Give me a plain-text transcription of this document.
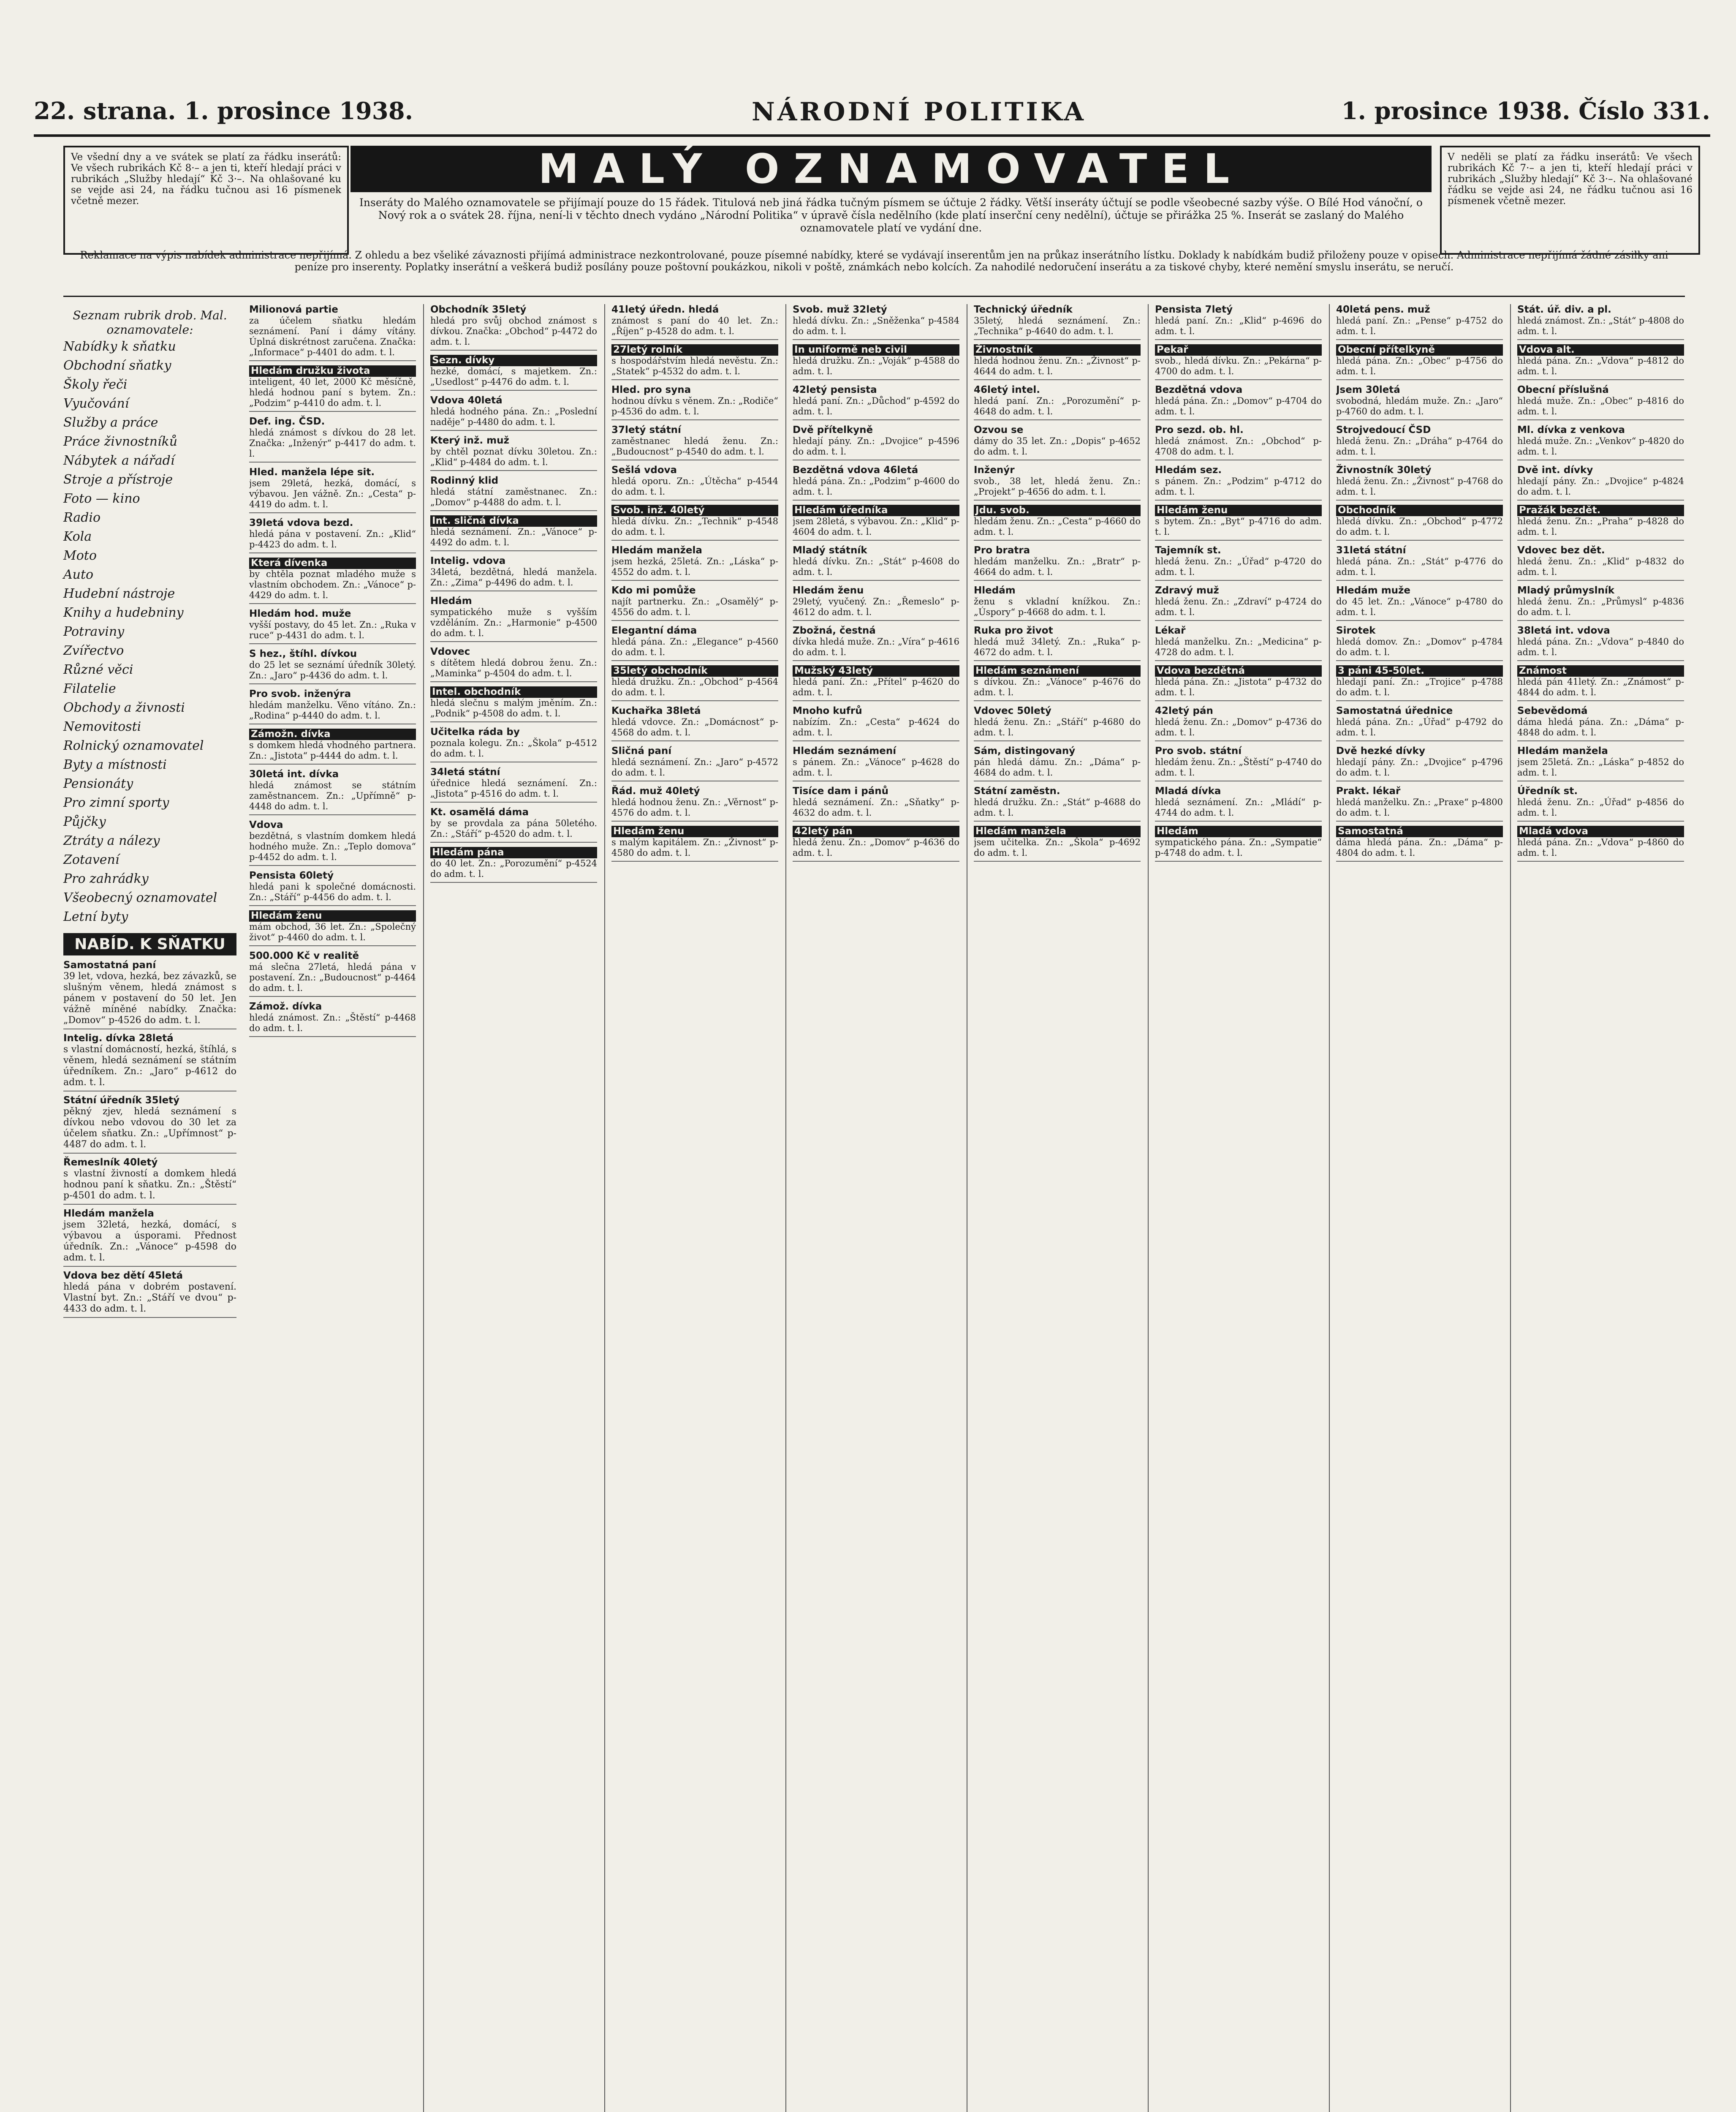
22. strana. 1. prosince 1938.	NÁRODNÍ POLITIKA	1. prosince 1938. Číslo 331.
Ve všední dny a ve svátek se platí za řádku inserátů: Ve všech rubrikách Kč 8·– a jen ti, kteří hledají práci v rubrikách „Služby hledají“ Kč 3·–. Na ohlašované ku se vejde asi 24, na řádku tučnou asi 16 písmenek včetně mezer.
MALÝ OZNAMOVATEL
Inseráty do Malého oznamovatele se přijímají pouze do 15 řádek. Titulová neb jiná řádka tučným písmem se účtuje 2 řádky. Větší inseráty účtují se podle všeobecné sazby výše. O Bílé Hod vánoční, o Nový rok a o svátek 28. října, není-li v těchto dnech vydáno „Národní Politika“ v úpravě čísla nedělního (kde platí inserční ceny nedělní), účtuje se přirážka 25 %. Inserát se zaslaný do Malého oznamovatele platí ve vydání dne.
V neděli se platí za řádku inserátů: Ve všech rubrikách Kč 7·– a jen ti, kteří hledají práci v rubrikách „Služby hledají“ Kč 3·–. Na ohlašované řádku se vejde asi 24, ne řádku tučnou asi 16 písmenek včetně mezer.
Reklamace na výpis nabídek administrace nepřijímá. Z ohledu a bez všeliké závaznosti přijímá administrace nezkontrolované, pouze písemné nabídky, které se vydávají inserentům jen na průkaz inserátního lístku. Doklady k nabídkám budiž přiloženy pouze v opisech. Administrace nepřijímá žádné zásilky ani peníze pro inserenty. Poplatky inserátní a veškerá budiž posílány pouze poštovní poukázkou, nikoli v poště, známkách nebo kolcích. Za nahodilé nedoručení inserátu a za tiskové chyby, které nemění smyslu inserátu, se neručí.
Seznam rubrik drob. Mal. oznamovatele:
Nabídky k sňatku
Obchodní sňatky
Školy řeči
Vyučování
Služby a práce
Práce živnostníků
Nábytek a nářadí
Stroje a přístroje
Foto — kino
Radio
Kola
Moto
Auto
Hudební nástroje
Knihy a hudebniny
Potraviny
Zvířectvo
Různé věci
Filatelie
Obchody a živnosti
Nemovitosti
Rolnický oznamovatel
Byty a místnosti
Pensionáty
Pro zimní sporty
Půjčky
Ztráty a nálezy
Zotavení
Pro zahrádky
Všeobecný oznamovatel
Letní byty
NABÍD. K SŇATKU
Samostatná paní
39 let, vdova, hezká, bez závazků, se slušným věnem, hledá známost s pánem v postavení do 50 let. Jen vážně míněné nabídky. Značka: „Domov“ p-4526 do adm. t. l.
Intelig. dívka 28letá
s vlastní domácností, hezká, štíhlá, s věnem, hledá seznámení se státním úředníkem. Zn.: „Jaro“ p-4612 do adm. t. l.
Státní úředník 35letý
pěkný zjev, hledá seznámení s dívkou nebo vdovou do 30 let za účelem sňatku. Zn.: „Upřímnost“ p-4487 do adm. t. l.
Řemeslník 40letý
s vlastní živností a domkem hledá hodnou paní k sňatku. Zn.: „Štěstí“ p-4501 do adm. t. l.
Hledám manžela
jsem 32letá, hezká, domácí, s výbavou a úsporami. Přednost úředník. Zn.: „Vánoce“ p-4598 do adm. t. l.
Vdova bez dětí 45letá
hledá pána v dobrém postavení. Vlastní byt. Zn.: „Stáří ve dvou“ p-4433 do adm. t. l.
Milionová partie
za účelem sňatku hledám seznámení. Paní i dámy vítány. Úplná diskrétnost zaručena. Značka: „Informace“ p-4401 do adm. t. l.
Hledám družku života
inteligent, 40 let, 2000 Kč měsíčně, hledá hodnou paní s bytem. Zn.: „Podzim“ p-4410 do adm. t. l.
Def. ing. ČSD.
hledá známost s dívkou do 28 let. Značka: „Inženýr“ p-4417 do adm. t. l.
Hled. manžela lépe sit.
jsem 29letá, hezká, domácí, s výbavou. Jen vážně. Zn.: „Cesta“ p-4419 do adm. t. l.
39letá vdova bezd.
hledá pána v postavení. Zn.: „Klid“ p-4423 do adm. t. l.
Která dívenka
by chtěla poznat mladého muže s vlastním obchodem. Zn.: „Vánoce“ p-4429 do adm. t. l.
Hledám hod. muže
vyšší postavy, do 45 let. Zn.: „Ruka v ruce“ p-4431 do adm. t. l.
S hez., štíhl. dívkou
do 25 let se seznámí úředník 30letý. Zn.: „Jaro“ p-4436 do adm. t. l.
Pro svob. inženýra
hledám manželku. Věno vítáno. Zn.: „Rodina“ p-4440 do adm. t. l.
Zámožn. dívka
s domkem hledá vhodného partnera. Zn.: „Jistota“ p-4444 do adm. t. l.
30letá int. dívka
hledá známost se státním zaměstnancem. Zn.: „Upřímně“ p-4448 do adm. t. l.
Vdova
bezdětná, s vlastním domkem hledá hodného muže. Zn.: „Teplo domova“ p-4452 do adm. t. l.
Pensista 60letý
hledá pani k společné domácnosti. Zn.: „Stáří“ p-4456 do adm. t. l.
Hledám ženu
mám obchod, 36 let. Zn.: „Společný život“ p-4460 do adm. t. l.
500.000 Kč v realitě
má slečna 27letá, hledá pána v postavení. Zn.: „Budoucnost“ p-4464 do adm. t. l.
Zámož. dívka
hledá známost. Zn.: „Štěstí“ p-4468 do adm. t. l.
Obchodník 35letý
hledá pro svůj obchod známost s dívkou. Značka: „Obchod“ p-4472 do adm. t. l.
Sezn. dívky
hezké, domácí, s majetkem. Zn.: „Usedlost“ p-4476 do adm. t. l.
Vdova 40letá
hledá hodného pána. Zn.: „Poslední naděje“ p-4480 do adm. t. l.
Který inž. muž
by chtěl poznat dívku 30letou. Zn.: „Klid“ p-4484 do adm. t. l.
Rodinný klid
hledá státní zaměstnanec. Zn.: „Domov“ p-4488 do adm. t. l.
Int. sličná dívka
hledá seznámení. Zn.: „Vánoce“ p-4492 do adm. t. l.
Intelig. vdova
34letá, bezdětná, hledá manžela. Zn.: „Zima“ p-4496 do adm. t. l.
Hledám
sympatického muže s vyšším vzděláním. Zn.: „Harmonie“ p-4500 do adm. t. l.
Vdovec
s dítětem hledá dobrou ženu. Zn.: „Maminka“ p-4504 do adm. t. l.
Intel. obchodník
hledá slečnu s malým jměním. Zn.: „Podnik“ p-4508 do adm. t. l.
Učitelka ráda by
poznala kolegu. Zn.: „Škola“ p-4512 do adm. t. l.
34letá státní
úřednice hledá seznámení. Zn.: „Jistota“ p-4516 do adm. t. l.
Kt. osamělá dáma
by se provdala za pána 50letého. Zn.: „Stáří“ p-4520 do adm. t. l.
Hledám pána
do 40 let. Zn.: „Porozumění“ p-4524 do adm. t. l.
41letý úředn. hledá
známost s paní do 40 let. Zn.: „Říjen“ p-4528 do adm. t. l.
27letý rolník
s hospodářstvím hledá nevěstu. Zn.: „Statek“ p-4532 do adm. t. l.
Hled. pro syna
hodnou dívku s věnem. Zn.: „Rodiče“ p-4536 do adm. t. l.
37letý státní
zaměstnanec hledá ženu. Zn.: „Budoucnost“ p-4540 do adm. t. l.
Sešlá vdova
hledá oporu. Zn.: „Útěcha“ p-4544 do adm. t. l.
Svob. inž. 40letý
hledá dívku. Zn.: „Technik“ p-4548 do adm. t. l.
Hledám manžela
jsem hezká, 25letá. Zn.: „Láska“ p-4552 do adm. t. l.
Kdo mi pomůže
najít partnerku. Zn.: „Osamělý“ p-4556 do adm. t. l.
Elegantní dáma
hledá pána. Zn.: „Elegance“ p-4560 do adm. t. l.
35letý obchodník
hledá družku. Zn.: „Obchod“ p-4564 do adm. t. l.
Kuchařka 38letá
hledá vdovce. Zn.: „Domácnost“ p-4568 do adm. t. l.
Sličná paní
hledá seznámení. Zn.: „Jaro“ p-4572 do adm. t. l.
Řád. muž 40letý
hledá hodnou ženu. Zn.: „Věrnost“ p-4576 do adm. t. l.
Hledám ženu
s malým kapitálem. Zn.: „Živnost“ p-4580 do adm. t. l.
Svob. muž 32letý
hledá dívku. Zn.: „Sněženka“ p-4584 do adm. t. l.
In uniformě neb civil
hledá družku. Zn.: „Voják“ p-4588 do adm. t. l.
42letý pensista
hledá paní. Zn.: „Důchod“ p-4592 do adm. t. l.
Dvě přítelkyně
hledají pány. Zn.: „Dvojice“ p-4596 do adm. t. l.
Bezdětná vdova 46letá
hledá pána. Zn.: „Podzim“ p-4600 do adm. t. l.
Hledám úředníka
jsem 28letá, s výbavou. Zn.: „Klid“ p-4604 do adm. t. l.
Mladý státník
hledá dívku. Zn.: „Stát“ p-4608 do adm. t. l.
Hledám ženu
29letý, vyučený. Zn.: „Řemeslo“ p-4612 do adm. t. l.
Zbožná, čestná
dívka hledá muže. Zn.: „Víra“ p-4616 do adm. t. l.
Mužský 43letý
hledá paní. Zn.: „Přítel“ p-4620 do adm. t. l.
Mnoho kufrů
nabízím. Zn.: „Cesta“ p-4624 do adm. t. l.
Hledám seznámení
s pánem. Zn.: „Vánoce“ p-4628 do adm. t. l.
Tisíce dam i pánů
hledá seznámení. Zn.: „Sňatky“ p-4632 do adm. t. l.
42letý pán
hledá ženu. Zn.: „Domov“ p-4636 do adm. t. l.
Technický úředník
35letý, hledá seznámení. Zn.: „Technika“ p-4640 do adm. t. l.
Živnostník
hledá hodnou ženu. Zn.: „Živnost“ p-4644 do adm. t. l.
46letý intel.
hledá paní. Zn.: „Porozumění“ p-4648 do adm. t. l.
Ozvou se
dámy do 35 let. Zn.: „Dopis“ p-4652 do adm. t. l.
Inženýr
svob., 38 let, hledá ženu. Zn.: „Projekt“ p-4656 do adm. t. l.
Jdu. svob.
hledám ženu. Zn.: „Cesta“ p-4660 do adm. t. l.
Pro bratra
hledám manželku. Zn.: „Bratr“ p-4664 do adm. t. l.
Hledám
ženu s vkladní knížkou. Zn.: „Úspory“ p-4668 do adm. t. l.
Ruka pro život
hledá muž 34letý. Zn.: „Ruka“ p-4672 do adm. t. l.
Hledám seznámení
s dívkou. Zn.: „Vánoce“ p-4676 do adm. t. l.
Vdovec 50letý
hledá ženu. Zn.: „Stáří“ p-4680 do adm. t. l.
Sám, distingovaný
pán hledá dámu. Zn.: „Dáma“ p-4684 do adm. t. l.
Státní zaměstn.
hledá družku. Zn.: „Stát“ p-4688 do adm. t. l.
Hledám manžela
jsem učitelka. Zn.: „Škola“ p-4692 do adm. t. l.
Pensista 7letý
hledá paní. Zn.: „Klid“ p-4696 do adm. t. l.
Pekař
svob., hledá dívku. Zn.: „Pekárna“ p-4700 do adm. t. l.
Bezdětná vdova
hledá pána. Zn.: „Domov“ p-4704 do adm. t. l.
Pro sezd. ob. hl.
hledá známost. Zn.: „Obchod“ p-4708 do adm. t. l.
Hledám sez.
s pánem. Zn.: „Podzim“ p-4712 do adm. t. l.
Hledám ženu
s bytem. Zn.: „Byt“ p-4716 do adm. t. l.
Tajemník st.
hledá ženu. Zn.: „Úřad“ p-4720 do adm. t. l.
Zdravý muž
hledá ženu. Zn.: „Zdraví“ p-4724 do adm. t. l.
Lékař
hledá manželku. Zn.: „Medicina“ p-4728 do adm. t. l.
Vdova bezdětná
hledá pána. Zn.: „Jistota“ p-4732 do adm. t. l.
42letý pán
hledá ženu. Zn.: „Domov“ p-4736 do adm. t. l.
Pro svob. státní
hledám ženu. Zn.: „Štěstí“ p-4740 do adm. t. l.
Mladá dívka
hledá seznámení. Zn.: „Mládí“ p-4744 do adm. t. l.
Hledám
sympatického pána. Zn.: „Sympatie“ p-4748 do adm. t. l.
40letá pens. muž
hledá paní. Zn.: „Pense“ p-4752 do adm. t. l.
Obecní přítelkyně
hledá pána. Zn.: „Obec“ p-4756 do adm. t. l.
Jsem 30letá
svobodná, hledám muže. Zn.: „Jaro“ p-4760 do adm. t. l.
Strojvedoucí ČSD
hledá ženu. Zn.: „Dráha“ p-4764 do adm. t. l.
Živnostník 30letý
hledá ženu. Zn.: „Živnost“ p-4768 do adm. t. l.
Obchodník
hledá dívku. Zn.: „Obchod“ p-4772 do adm. t. l.
31letá státní
hledá pána. Zn.: „Stát“ p-4776 do adm. t. l.
Hledám muže
do 45 let. Zn.: „Vánoce“ p-4780 do adm. t. l.
Sirotek
hledá domov. Zn.: „Domov“ p-4784 do adm. t. l.
3 páni 45-50let.
hledají paní. Zn.: „Trojice“ p-4788 do adm. t. l.
Samostatná úřednice
hledá pána. Zn.: „Úřad“ p-4792 do adm. t. l.
Dvě hezké dívky
hledají pány. Zn.: „Dvojice“ p-4796 do adm. t. l.
Prakt. lékař
hledá manželku. Zn.: „Praxe“ p-4800 do adm. t. l.
Samostatná
dáma hledá pána. Zn.: „Dáma“ p-4804 do adm. t. l.
Stát. úř. div. a pl.
hledá známost. Zn.: „Stát“ p-4808 do adm. t. l.
Vdova alt.
hledá pána. Zn.: „Vdova“ p-4812 do adm. t. l.
Obecní příslušná
hledá muže. Zn.: „Obec“ p-4816 do adm. t. l.
Ml. dívka z venkova
hledá muže. Zn.: „Venkov“ p-4820 do adm. t. l.
Dvě int. dívky
hledají pány. Zn.: „Dvojice“ p-4824 do adm. t. l.
Pražák bezdět.
hledá ženu. Zn.: „Praha“ p-4828 do adm. t. l.
Vdovec bez dět.
hledá ženu. Zn.: „Klid“ p-4832 do adm. t. l.
Mladý průmyslník
hledá ženu. Zn.: „Průmysl“ p-4836 do adm. t. l.
38letá int. vdova
hledá pána. Zn.: „Vdova“ p-4840 do adm. t. l.
Známost
hledá pán 41letý. Zn.: „Známost“ p-4844 do adm. t. l.
Sebevědomá
dáma hledá pána. Zn.: „Dáma“ p-4848 do adm. t. l.
Hledám manžela
jsem 25letá. Zn.: „Láska“ p-4852 do adm. t. l.
Úředník st.
hledá ženu. Zn.: „Úřad“ p-4856 do adm. t. l.
Mladá vdova
hledá pána. Zn.: „Vdova“ p-4860 do adm. t. l.
